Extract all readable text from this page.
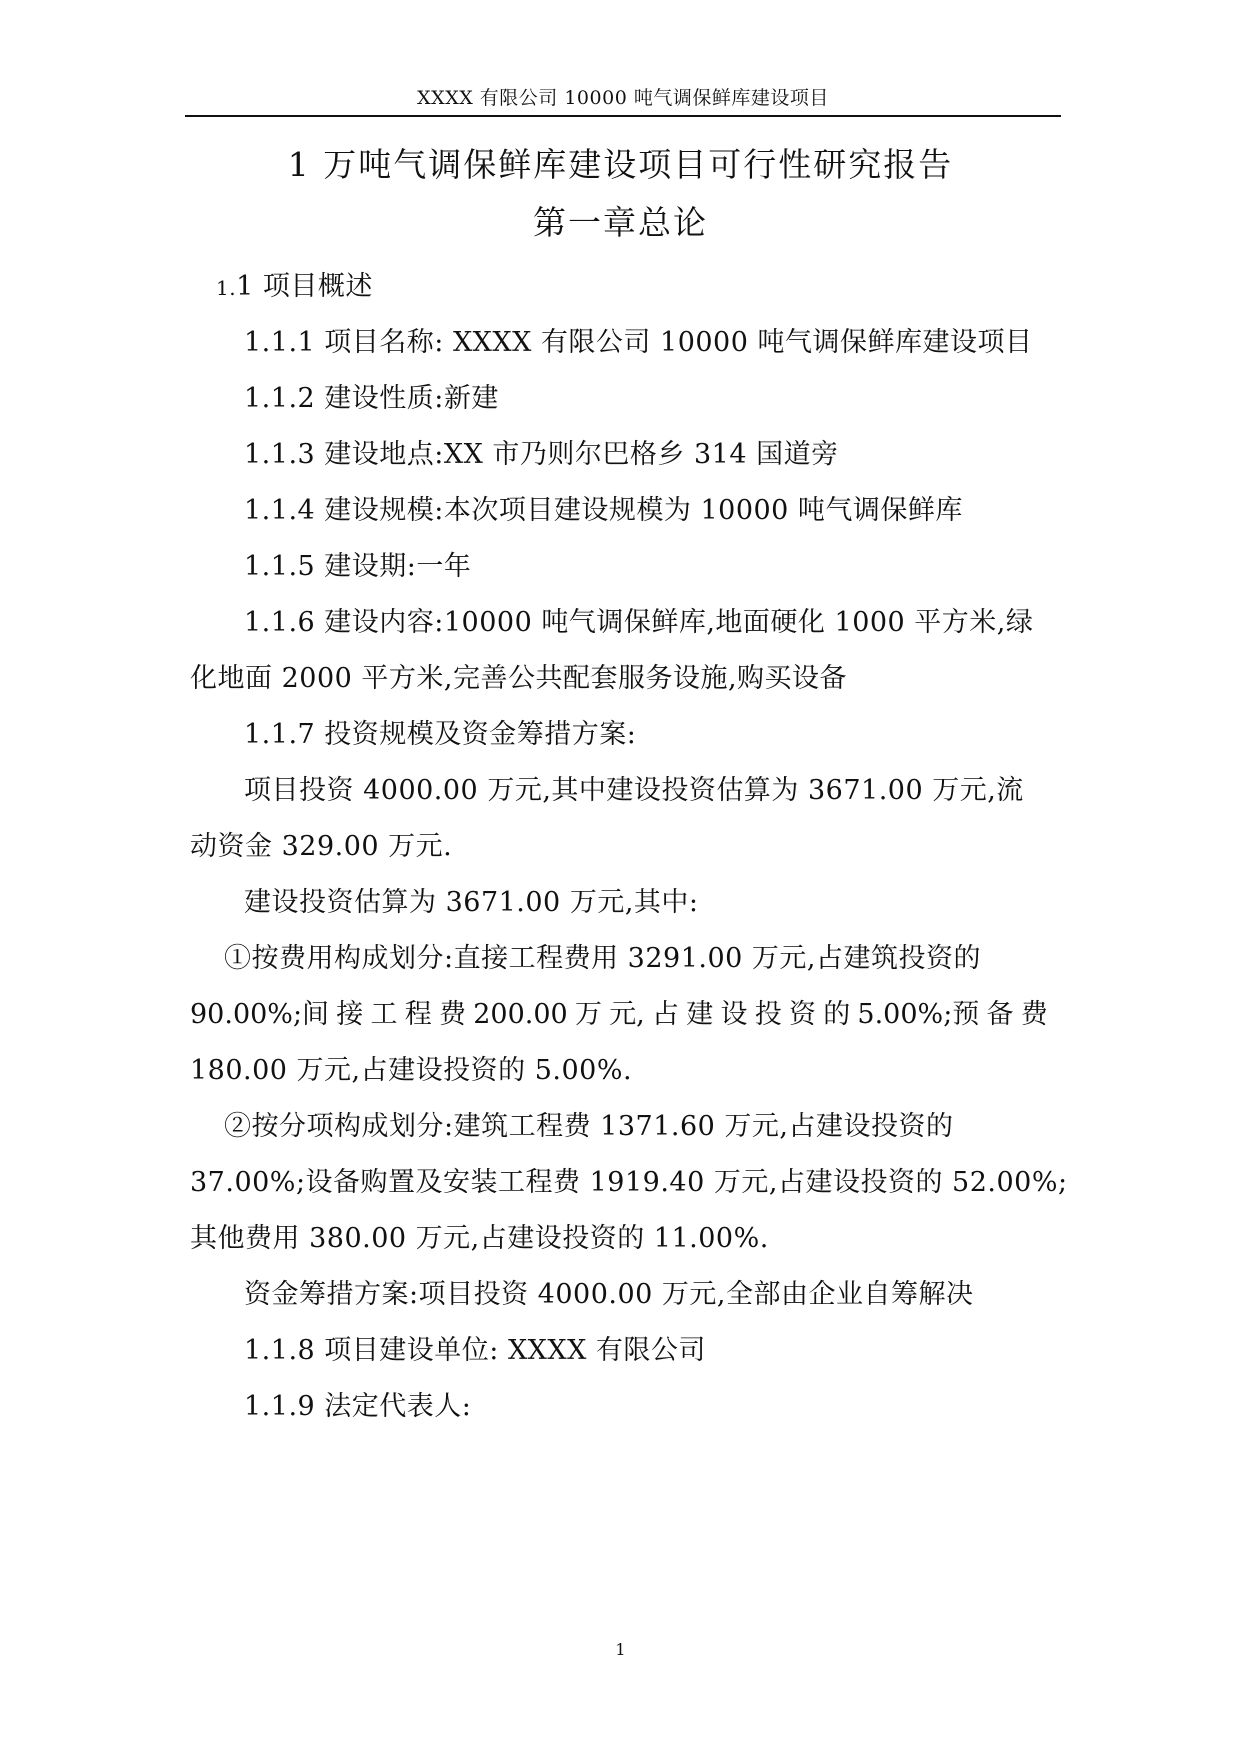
XXXX 有限公司 10000 吨气调保鲜库建设项目
1 万吨气调保鲜库建设项目可行性研究报告
第一章总论
1.1 项目概述
1.1.1 项目名称: XXXX 有限公司 10000 吨气调保鲜库建设项目
1.1.2 建设性质:新建
1.1.3 建设地点:XX 市乃则尔巴格乡 314 国道旁
1.1.4 建设规模:本次项目建设规模为 10000 吨气调保鲜库
1.1.5 建设期:一年
1.1.6 建设内容:10000 吨气调保鲜库,地面硬化 1000 平方米,绿
化地面 2000 平方米,完善公共配套服务设施,购买设备
1.1.7 投资规模及资金筹措方案:
项目投资 4000.00 万元,其中建设投资估算为 3671.00 万元,流
动资金 329.00 万元.
建设投资估算为 3671.00 万元,其中:
①按费用构成划分:直接工程费用 3291.00 万元,占建筑投资的
90.00%;间 接 工 程 费 200.00 万 元, 占 建 设 投 资 的 5.00%;预 备 费
180.00 万元,占建设投资的 5.00%.
②按分项构成划分:建筑工程费 1371.60 万元,占建设投资的
37.00%;设备购置及安装工程费 1919.40 万元,占建设投资的 52.00%;
其他费用 380.00 万元,占建设投资的 11.00%.
资金筹措方案:项目投资 4000.00 万元,全部由企业自筹解决
1.1.8 项目建设单位: XXXX 有限公司
1.1.9 法定代表人:
1
